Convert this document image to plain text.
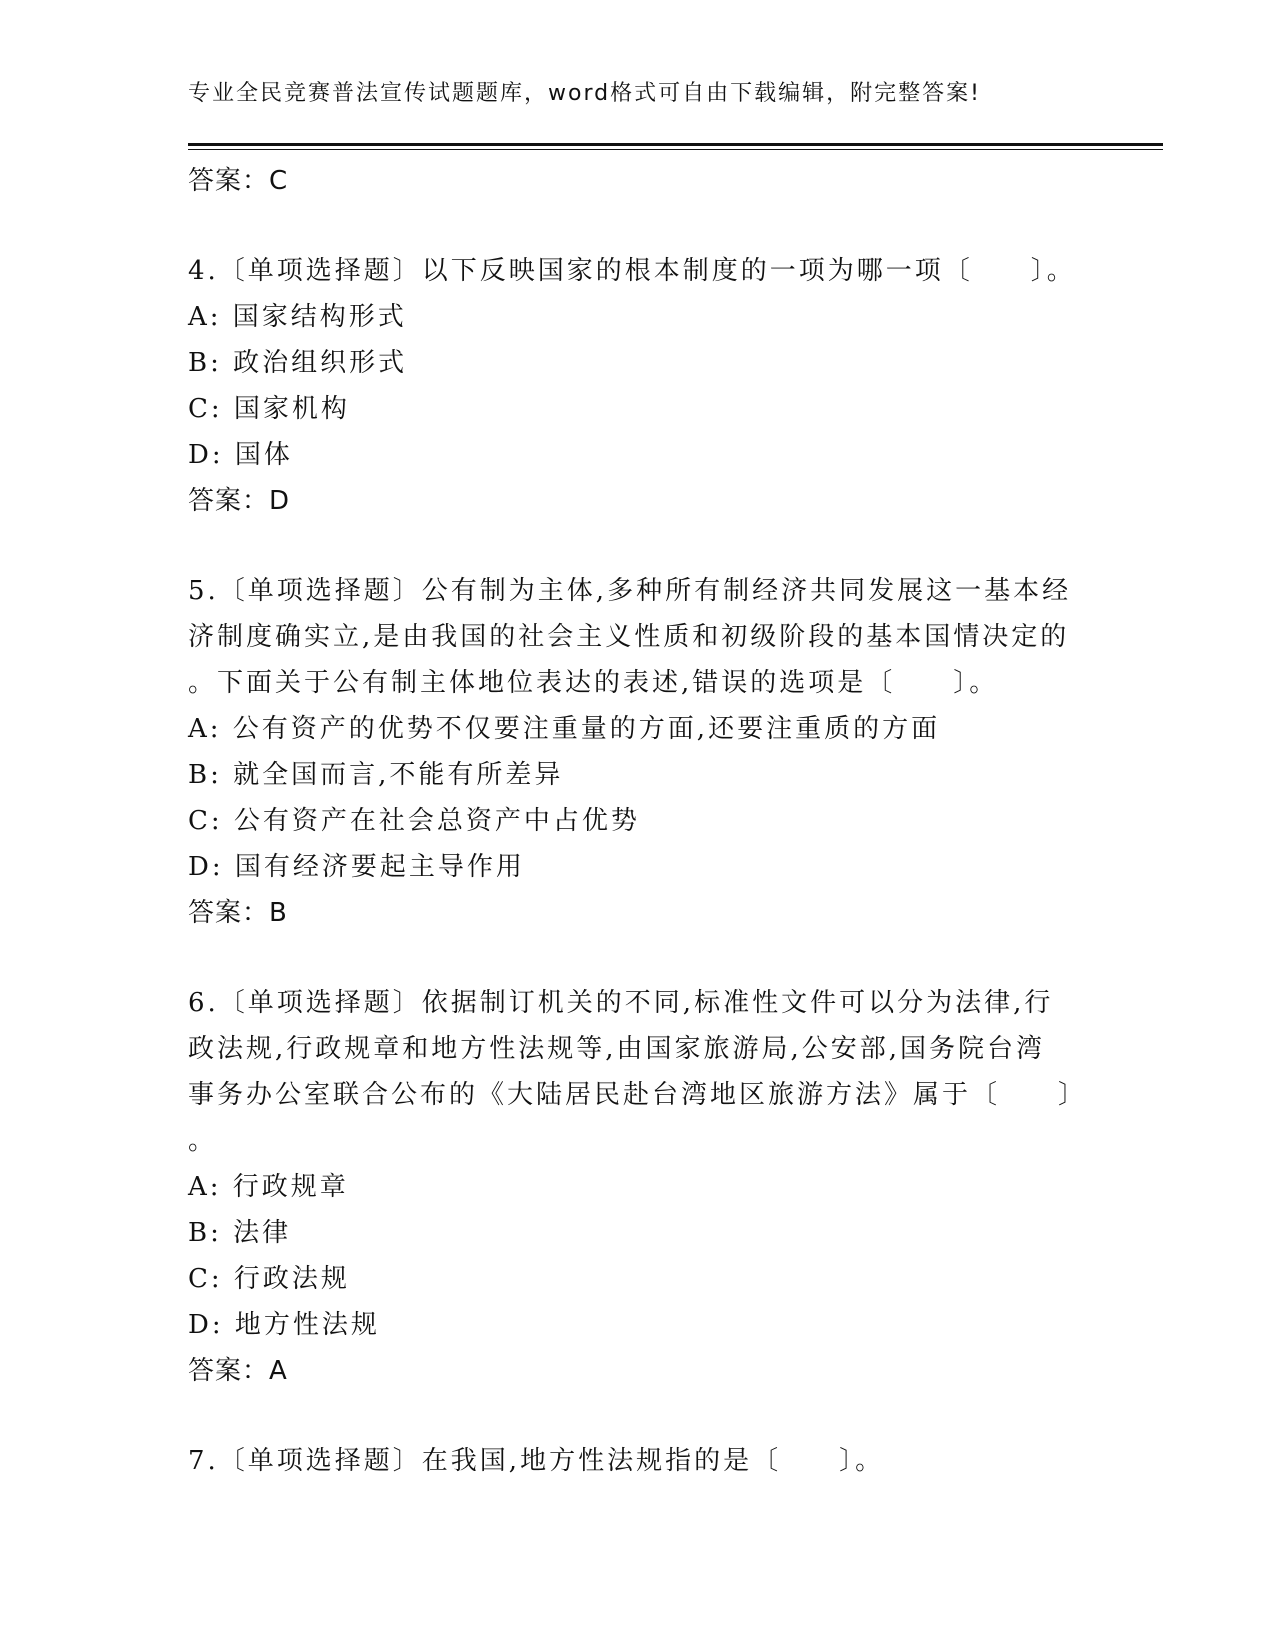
专业全民竞赛普法宣传试题题库，word格式可自由下载编辑，附完整答案!
答案：C
4.〔单项选择题〕以下反映国家的根本制度的一项为哪一项〔　　〕。
A: 国家结构形式
B: 政治组织形式
C: 国家机构
D: 国体
答案：D
5.〔单项选择题〕公有制为主体,多种所有制经济共同发展这一基本经
济制度确实立,是由我国的社会主义性质和初级阶段的基本国情决定的
。下面关于公有制主体地位表达的表述,错误的选项是〔　　〕。
A: 公有资产的优势不仅要注重量的方面,还要注重质的方面
B: 就全国而言,不能有所差异
C: 公有资产在社会总资产中占优势
D: 国有经济要起主导作用
答案：B
6.〔单项选择题〕依据制订机关的不同,标准性文件可以分为法律,行
政法规,行政规章和地方性法规等,由国家旅游局,公安部,国务院台湾
事务办公室联合公布的《大陆居民赴台湾地区旅游方法》属于〔　　〕
。
A: 行政规章
B: 法律
C: 行政法规
D: 地方性法规
答案：A
7.〔单项选择题〕在我国,地方性法规指的是〔　　〕。
